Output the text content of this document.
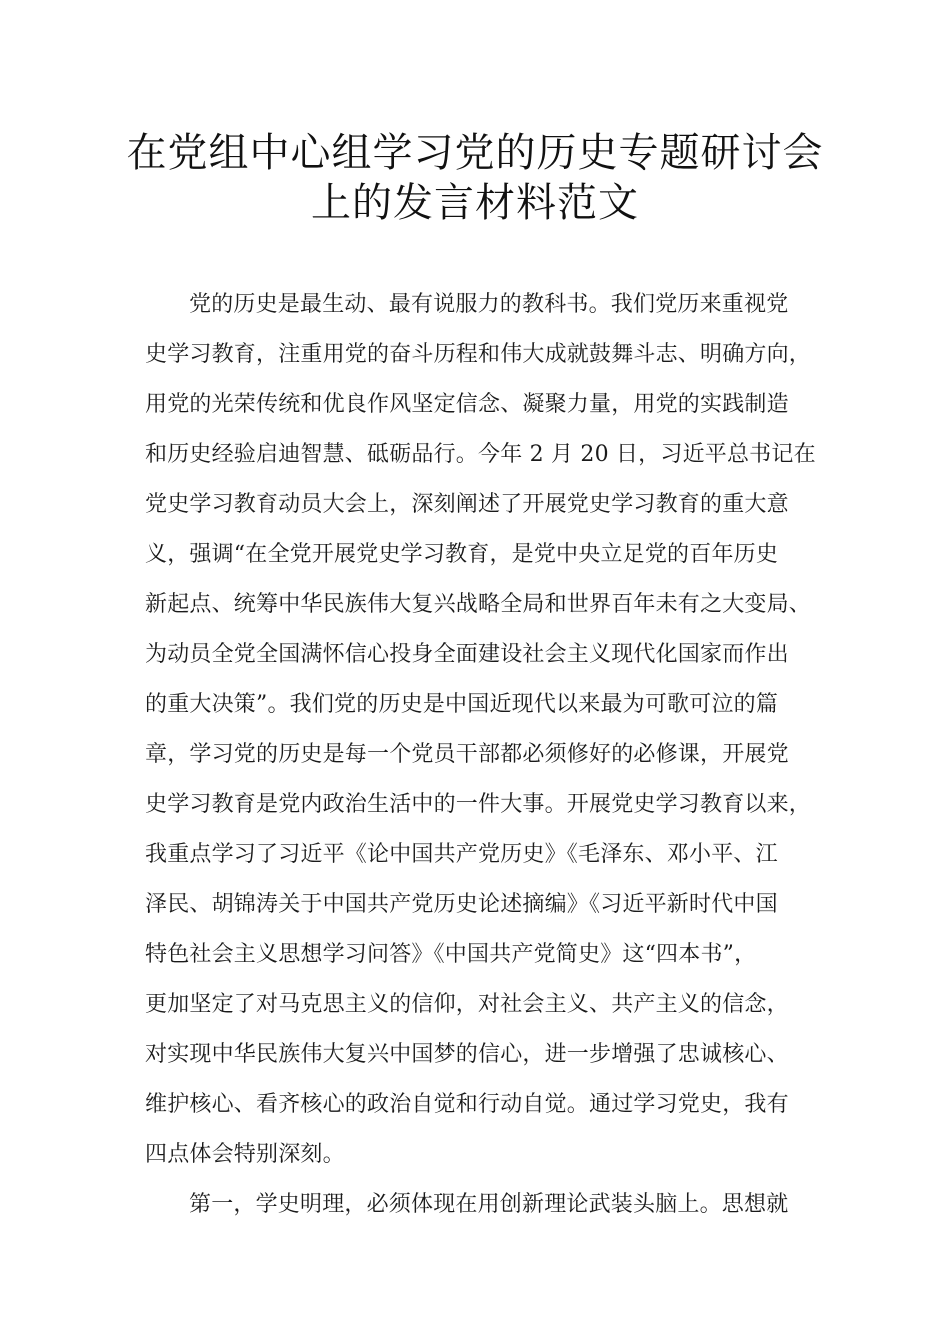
在党组中心组学习党的历史专题研讨会
上的发言材料范文
党的历史是最生动、最有说服力的教科书。我们党历来重视党
史学习教育，注重用党的奋斗历程和伟大成就鼓舞斗志、明确方向，
用党的光荣传统和优良作风坚定信念、凝聚力量，用党的实践制造
和历史经验启迪智慧、砥砺品行。今年 2 月 20 日，习近平总书记在
党史学习教育动员大会上，深刻阐述了开展党史学习教育的重大意
义，强调“在全党开展党史学习教育，是党中央立足党的百年历史
新起点、统筹中华民族伟大复兴战略全局和世界百年未有之大变局、
为动员全党全国满怀信心投身全面建设社会主义现代化国家而作出
的重大决策”。我们党的历史是中国近现代以来最为可歌可泣的篇
章，学习党的历史是每一个党员干部都必须修好的必修课，开展党
史学习教育是党内政治生活中的一件大事。开展党史学习教育以来，
我重点学习了习近平《论中国共产党历史》《毛泽东、邓小平、江
泽民、胡锦涛关于中国共产党历史论述摘编》《习近平新时代中国
特色社会主义思想学习问答》《中国共产党简史》这“四本书”，
更加坚定了对马克思主义的信仰，对社会主义、共产主义的信念，
对实现中华民族伟大复兴中国梦的信心，进一步增强了忠诚核心、
维护核心、看齐核心的政治自觉和行动自觉。通过学习党史，我有
四点体会特别深刻。
第一，学史明理，必须体现在用创新理论武装头脑上。思想就
